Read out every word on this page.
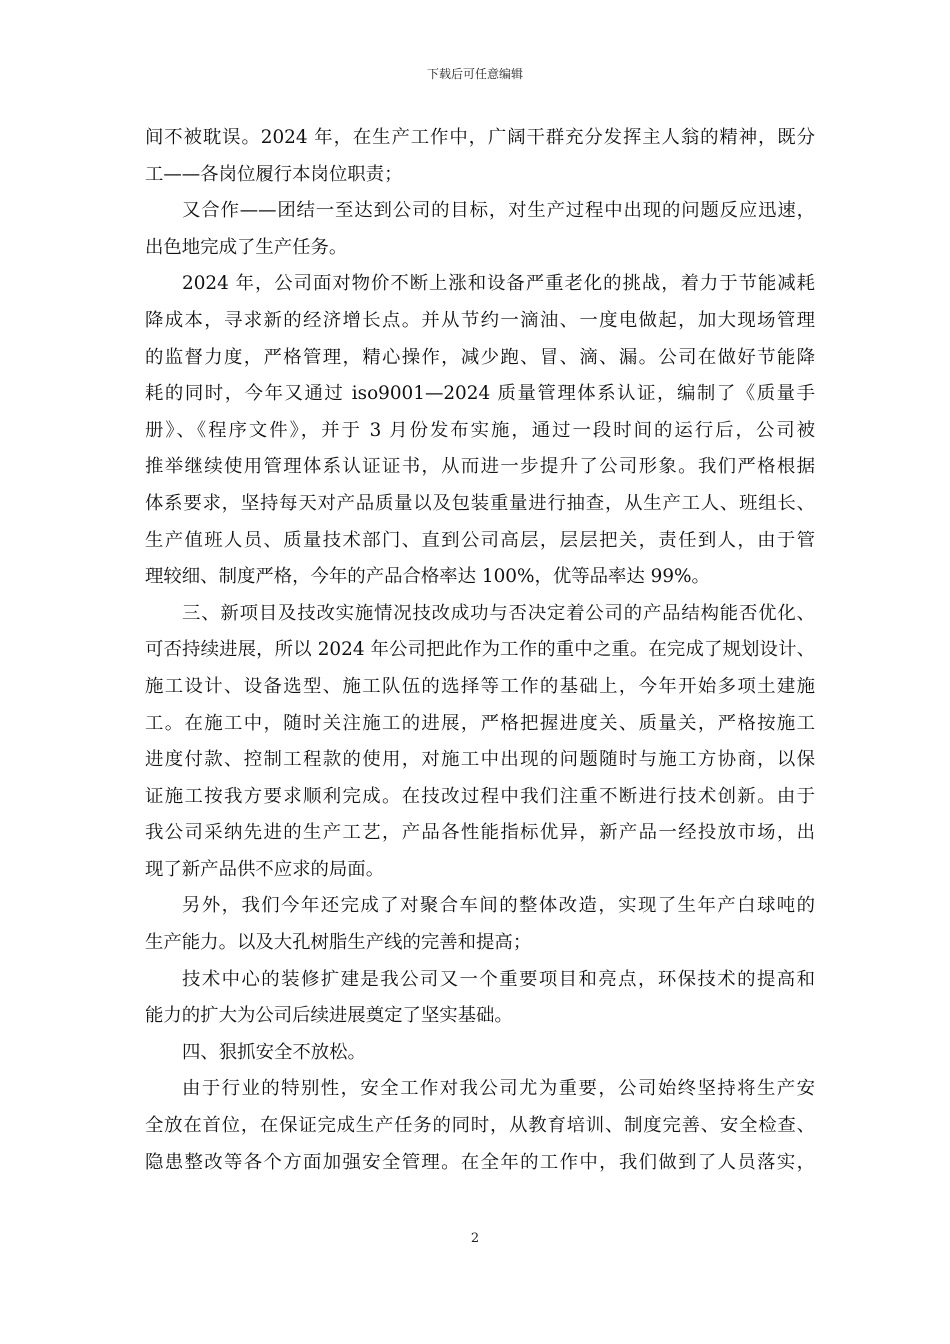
下载后可任意编辑
间不被耽误。2024 年，在生产工作中，广阔干群充分发挥主人翁的精神，既分
工——各岗位履行本岗位职责；
又合作——团结一至达到公司的目标，对生产过程中出现的问题反应迅速，
出色地完成了生产任务。
2024 年，公司面对物价不断上涨和设备严重老化的挑战，着力于节能减耗
降成本，寻求新的经济增长点。并从节约一滴油、一度电做起，加大现场管理
的监督力度，严格管理，精心操作，减少跑、冒、滴、漏。公司在做好节能降
耗的同时，今年又通过 iso9001—2024 质量管理体系认证，编制了《质量手
册》、《程序文件》，并于 3 月份发布实施，通过一段时间的运行后，公司被
推举继续使用管理体系认证证书，从而进一步提升了公司形象。我们严格根据
体系要求，坚持每天对产品质量以及包装重量进行抽查，从生产工人、班组长、
生产值班人员、质量技术部门、直到公司高层，层层把关，责任到人，由于管
理较细、制度严格，今年的产品合格率达 100%，优等品率达 99%。
三、新项目及技改实施情况技改成功与否决定着公司的产品结构能否优化、
可否持续进展，所以 2024 年公司把此作为工作的重中之重。在完成了规划设计、
施工设计、设备选型、施工队伍的选择等工作的基础上，今年开始多项土建施
工。在施工中，随时关注施工的进展，严格把握进度关、质量关，严格按施工
进度付款、控制工程款的使用，对施工中出现的问题随时与施工方协商，以保
证施工按我方要求顺利完成。在技改过程中我们注重不断进行技术创新。由于
我公司采纳先进的生产工艺，产品各性能指标优异，新产品一经投放市场，出
现了新产品供不应求的局面。
另外，我们今年还完成了对聚合车间的整体改造，实现了生年产白球吨的
生产能力。以及大孔树脂生产线的完善和提高；
技术中心的装修扩建是我公司又一个重要项目和亮点，环保技术的提高和
能力的扩大为公司后续进展奠定了坚实基础。
四、狠抓安全不放松。
由于行业的特别性，安全工作对我公司尤为重要，公司始终坚持将生产安
全放在首位，在保证完成生产任务的同时，从教育培训、制度完善、安全检查、
隐患整改等各个方面加强安全管理。在全年的工作中，我们做到了人员落实，
2
